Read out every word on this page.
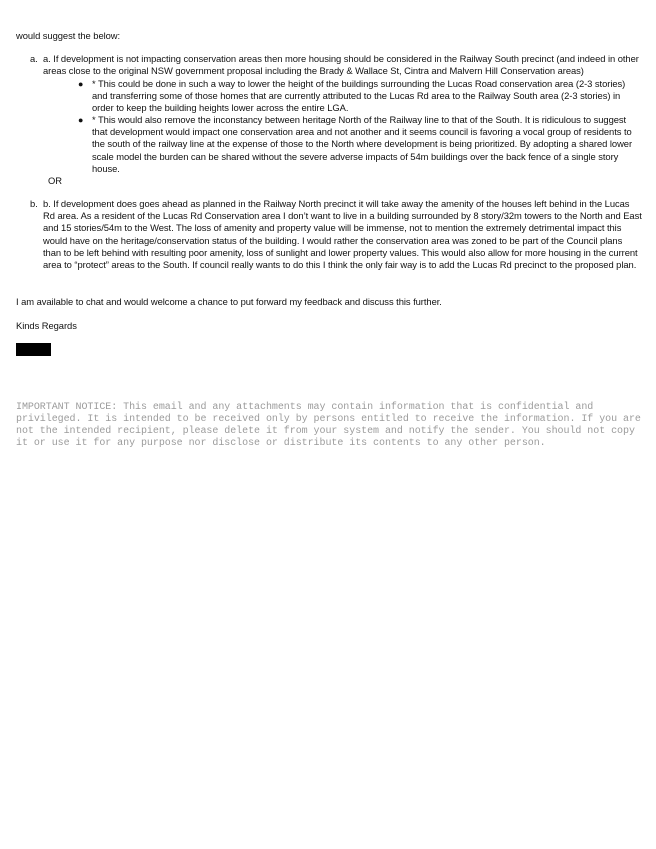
would suggest the below:
a. a. If development is not impacting conservation areas then more housing should be considered in the Railway South precinct (and indeed in other areas close to the original NSW government proposal including the Brady & Wallace St, Cintra and Malvern Hill Conservation areas)
● * This could be done in such a way to lower the height of the buildings surrounding the Lucas Road conservation area (2-3 stories) and transferring some of those homes that are currently attributed to the Lucas Rd area to the Railway South area (2-3 stories) in order to keep the building heights lower across the entire LGA.
● * This would also remove the inconstancy between heritage North of the Railway line to that of the South. It is ridiculous to suggest that development would impact one conservation area and not another and it seems council is favoring a vocal group of residents to the south of the railway line at the expense of those to the North where development is being prioritized. By adopting a shared lower scale model the burden can be shared without the severe adverse impacts of 54m buildings over the back fence of a single story house.
OR
b. b. If development does goes ahead as planned in the Railway North precinct it will take away the amenity of the houses left behind in the Lucas Rd area. As a resident of the Lucas Rd Conservation area I don’t want to live in a building surrounded by 8 story/32m towers to the North and East and 15 stories/54m to the West. The loss of amenity and property value will be immense, not to mention the extremely detrimental impact this would have on the heritage/conservation status of the building. I would rather the conservation area was zoned to be part of the Council plans than to be left behind with resulting poor amenity, loss of sunlight and lower property values. This would also allow for more housing in the current area to “protect” areas to the South. If council really wants to do this I think the only fair way is to add the Lucas Rd precinct to the proposed plan.
I am available to chat and would welcome a chance to put forward my feedback and discuss this further.
Kinds Regards
IMPORTANT NOTICE: This email and any attachments may contain information that is confidential and privileged. It is intended to be received only by persons entitled to receive the information. If you are not the intended recipient, please delete it from your system and notify the sender. You should not copy it or use it for any purpose nor disclose or distribute its contents to any other person.
